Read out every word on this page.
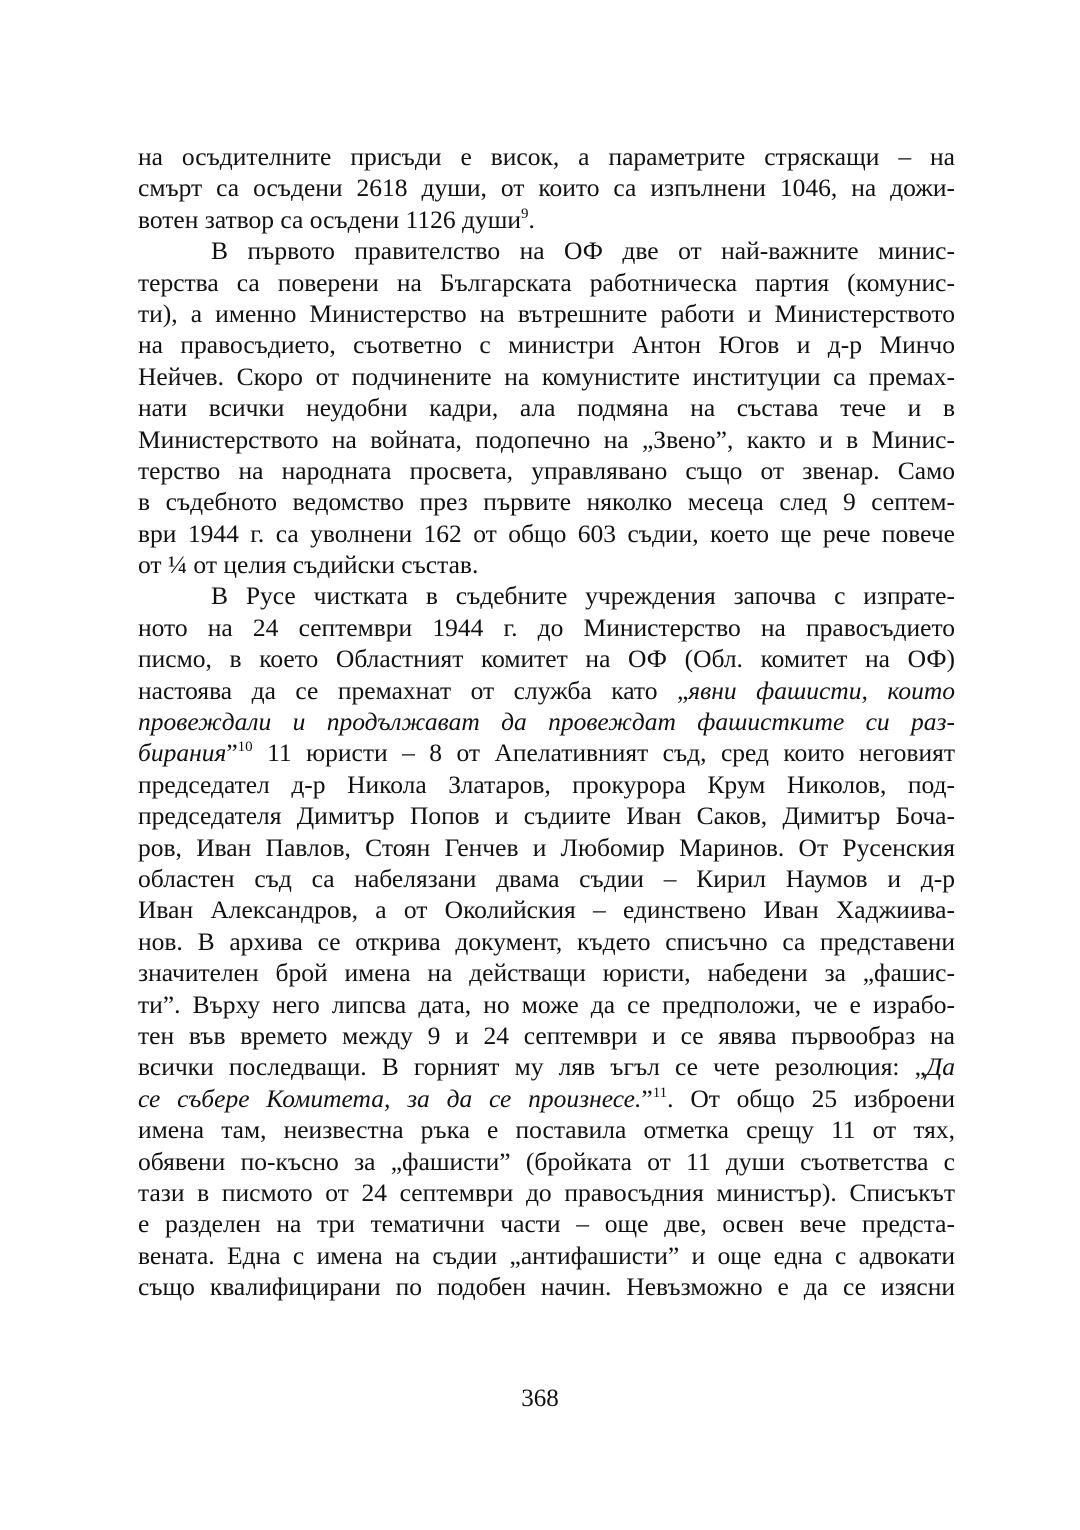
на осъдителните присъди е висок, а параметрите стряскащи – на
смърт са осъдени 2618 души, от които са изпълнени 1046, на дожи-
вотен затвор са осъдени 1126 души$^9$.
В първото правителство на ОФ две от най-важните минис-
терства са поверени на Българската работническа партия (комунис-
ти), а именно Министерство на вътрешните работи и Министерството
на правосъдието, съответно с министри Антон Югов и д-р Минчо
Нейчев. Скоро от подчинените на комунистите институции са премах-
нати всички неудобни кадри, ала подмяна на състава тече и в
Министерството на войната, подопечно на „Звено”, както и в Минис-
терство на народната просвета, управлявано също от звенар. Само
в съдебното ведомство през първите няколко месеца след 9 септем-
ври 1944 г. са уволнени 162 от общо 603 съдии, което ще рече повече
от ¼ от целия съдийски състав.
В Русе чистката в съдебните учреждения започва с изпрате-
ното на 24 септември 1944 г. до Министерство на правосъдието
писмо, в което Областният комитет на ОФ (Обл. комитет на ОФ)
настоява да се премахнат от служба като „явни фашисти, които
провеждали и продължават да провеждат фашистките си раз-
бирания”$^{10}$ 11 юристи – 8 от Апелативният съд, сред които неговият
председател д-р Никола Златаров, прокурора Крум Николов, под-
председателя Димитър Попов и съдиите Иван Саков, Димитър Боча-
ров, Иван Павлов, Стоян Генчев и Любомир Маринов. От Русенския
областен съд са набелязани двама съдии – Кирил Наумов и д-р
Иван Александров, а от Околийския – единствено Иван Хаджиива-
нов. В архива се открива документ, където списъчно са представени
значителен брой имена на действащи юристи, набедени за „фашис-
ти”. Върху него липсва дата, но може да се предположи, че е израбо-
тен във времето между 9 и 24 септември и се явява първообраз на
всички последващи. В горният му ляв ъгъл се чете резолюция: „Да
се събере Комитета, за да се произнесе.”$^{11}$. От общо 25 изброени
имена там, неизвестна ръка е поставила отметка срещу 11 от тях,
обявени по-късно за „фашисти” (бройката от 11 души съответства с
тази в писмото от 24 септември до правосъдния министър). Списъкът
е разделен на три тематични части – още две, освен вече предста-
вената. Една с имена на съдии „антифашисти” и още една с адвокати
също квалифицирани по подобен начин. Невъзможно е да се изясни
368
